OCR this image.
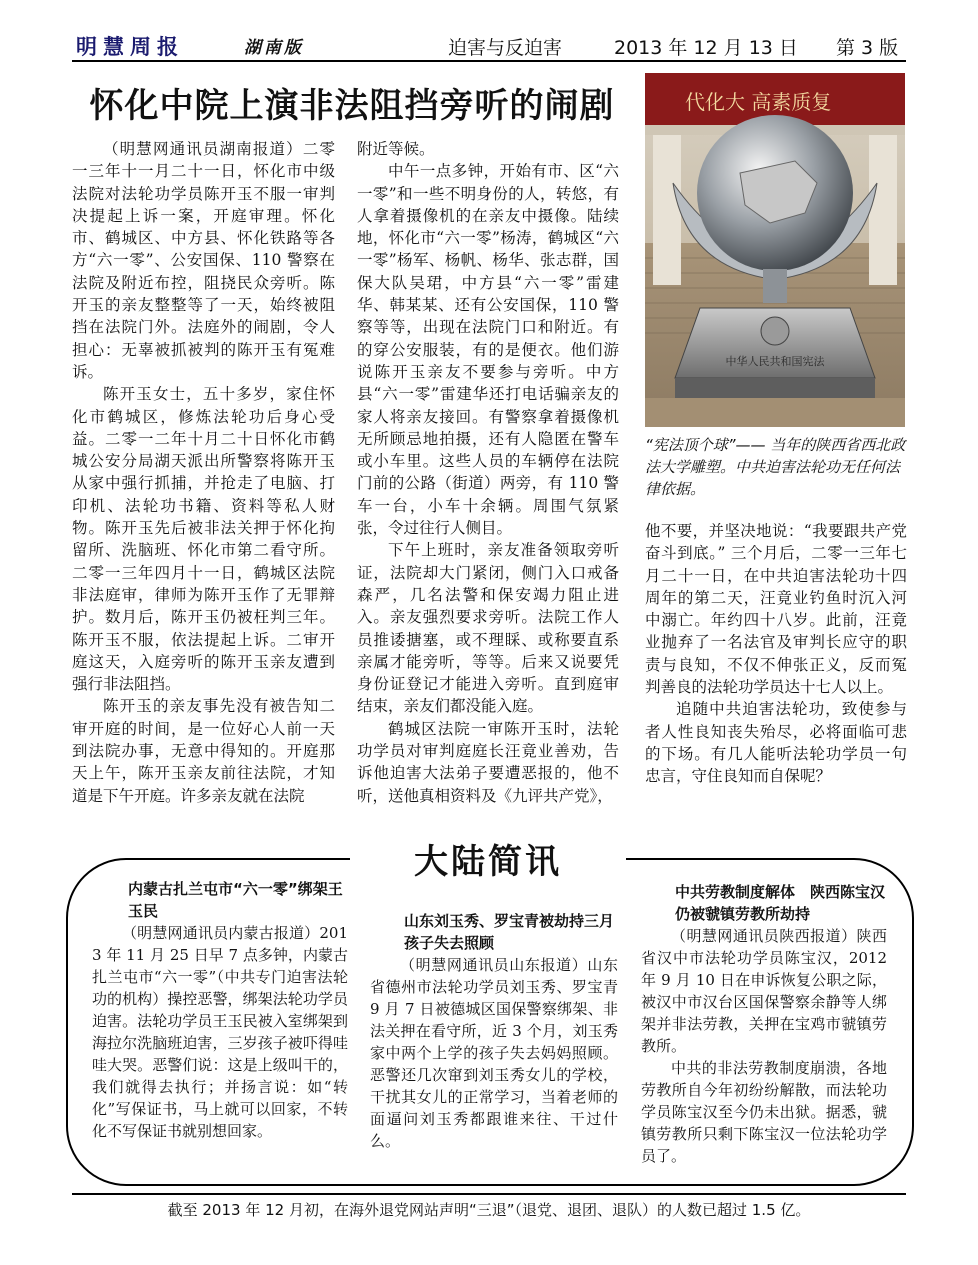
明慧周报	湖南版	迫害与反迫害	2013 年 12 月 13 日 第 3 版
怀化中院上演非法阻挡旁听的闹剧

（明慧网通讯员湖南报道）二零一三年十一月二十一日，怀化市中级法院对法轮功学员陈开玉不服一审判决提起上诉一案，开庭审理。怀化市、鹤城区、中方县、怀化铁路等各方“六一零”、公安国保、110 警察在法院及附近布控，阻挠民众旁听。陈开玉的亲友整整等了一天，始终被阻挡在法院门外。法庭外的闹剧，令人担心：无辜被抓被判的陈开玉有冤难诉。

陈开玉女士，五十多岁，家住怀化市鹤城区，修炼法轮功后身心受益。二零一二年十月二十日怀化市鹤城公安分局湖天派出所警察将陈开玉从家中强行抓捕，并抢走了电脑、打印机、法轮功书籍、资料等私人财物。陈开玉先后被非法关押于怀化拘留所、洗脑班、怀化市第二看守所。二零一三年四月十一日，鹤城区法院非法庭审，律师为陈开玉作了无罪辩护。数月后，陈开玉仍被枉判三年。陈开玉不服，依法提起上诉。二审开庭这天，入庭旁听的陈开玉亲友遭到强行非法阻挡。

陈开玉的亲友事先没有被告知二审开庭的时间，是一位好心人前一天到法院办事，无意中得知的。开庭那天上午，陈开玉亲友前往法院，才知道是下午开庭。许多亲友就在法院

附近等候。

中午一点多钟，开始有市、区“六一零”和一些不明身份的人，转悠，有人拿着摄像机的在亲友中摄像。陆续地，怀化市“六一零”杨涛，鹤城区“六一零”杨军、杨帆、杨华、张志群，国保大队吴珺，中方县“六一零”雷建华、韩某某、还有公安国保，110 警察等等，出现在法院门口和附近。有的穿公安服装，有的是便衣。他们游说陈开玉亲友不要参与旁听。中方县“六一零”雷建华还打电话骗亲友的家人将亲友接回。有警察拿着摄像机无所顾忌地拍摄，还有人隐匿在警车或小车里。这些人员的车辆停在法院门前的公路（街道）两旁，有 110 警车一台，小车十余辆。周围气氛紧张，令过往行人侧目。

下午上班时，亲友准备领取旁听证，法院却大门紧闭，侧门入口戒备森严，几名法警和保安竭力阻止进入。亲友强烈要求旁听。法院工作人员推诿搪塞，或不理睬、或称要直系亲属才能旁听，等等。后来又说要凭身份证登记才能进入旁听。直到庭审结束，亲友们都没能入庭。

鹤城区法院一审陈开玉时，法轮功学员对审判庭庭长汪竟业善劝，告诉他迫害大法弟子要遭恶报的，他不听，送他真相资料及《九评共产党》，

他不要，并坚决地说：“我要跟共产党奋斗到底。” 三个月后，二零一三年七月二十一日，在中共迫害法轮功十四周年的第二天，汪竟业钓鱼时沉入河中溺亡。年约四十八岁。此前，汪竟业抛弃了一名法官及审判长应守的职责与良知，不仅不伸张正义，反而冤判善良的法轮功学员达十七人以上。

追随中共迫害法轮功，致使参与者人性良知丧失殆尽，必将面临可悲的下场。有几人能听法轮功学员一句忠言，守住良知而自保呢？

代化大 高素质复
中华人民共和国宪法
“宪法顶个球”—— 当年的陕西省西北政法大学雕塑。中共迫害法轮功无任何法律依据。
大陆简讯
内蒙古扎兰屯市“六一零”绑架王玉民

（明慧网通讯员内蒙古报道）2013 年 11 月 25 日早 7 点多钟，内蒙古扎兰屯市“六一零”（中共专门迫害法轮功的机构）操控恶警，绑架法轮功学员迫害。法轮功学员王玉民被入室绑架到海拉尔洗脑班迫害，三岁孩子被吓得哇哇大哭。恶警们说：这是上级叫干的，我们就得去执行；并扬言说：如“转化”写保证书，马上就可以回家，不转化不写保证书就别想回家。

山东刘玉秀、罗宝青被劫持三月　孩子失去照顾

（明慧网通讯员山东报道）山东省德州市法轮功学员刘玉秀、罗宝青 9 月 7 日被德城区国保警察绑架、非法关押在看守所，近 3 个月，刘玉秀家中两个上学的孩子失去妈妈照顾。恶警还几次窜到刘玉秀女儿的学校，干扰其女儿的正常学习，当着老师的面逼问刘玉秀都跟谁来往、干过什么。

中共劳教制度解体　陕西陈宝汉仍被虢镇劳教所劫持

（明慧网通讯员陕西报道）陕西省汉中市法轮功学员陈宝汉，2012 年 9 月 10 日在申诉恢复公职之际，被汉中市汉台区国保警察余静等人绑架并非法劳教，关押在宝鸡市虢镇劳教所。

中共的非法劳教制度崩溃，各地劳教所自今年初纷纷解散，而法轮功学员陈宝汉至今仍未出狱。据悉，虢镇劳教所只剩下陈宝汉一位法轮功学员了。

截至 2013 年 12 月初，在海外退党网站声明“三退”（退党、退团、退队）的人数已超过 1.5 亿。
